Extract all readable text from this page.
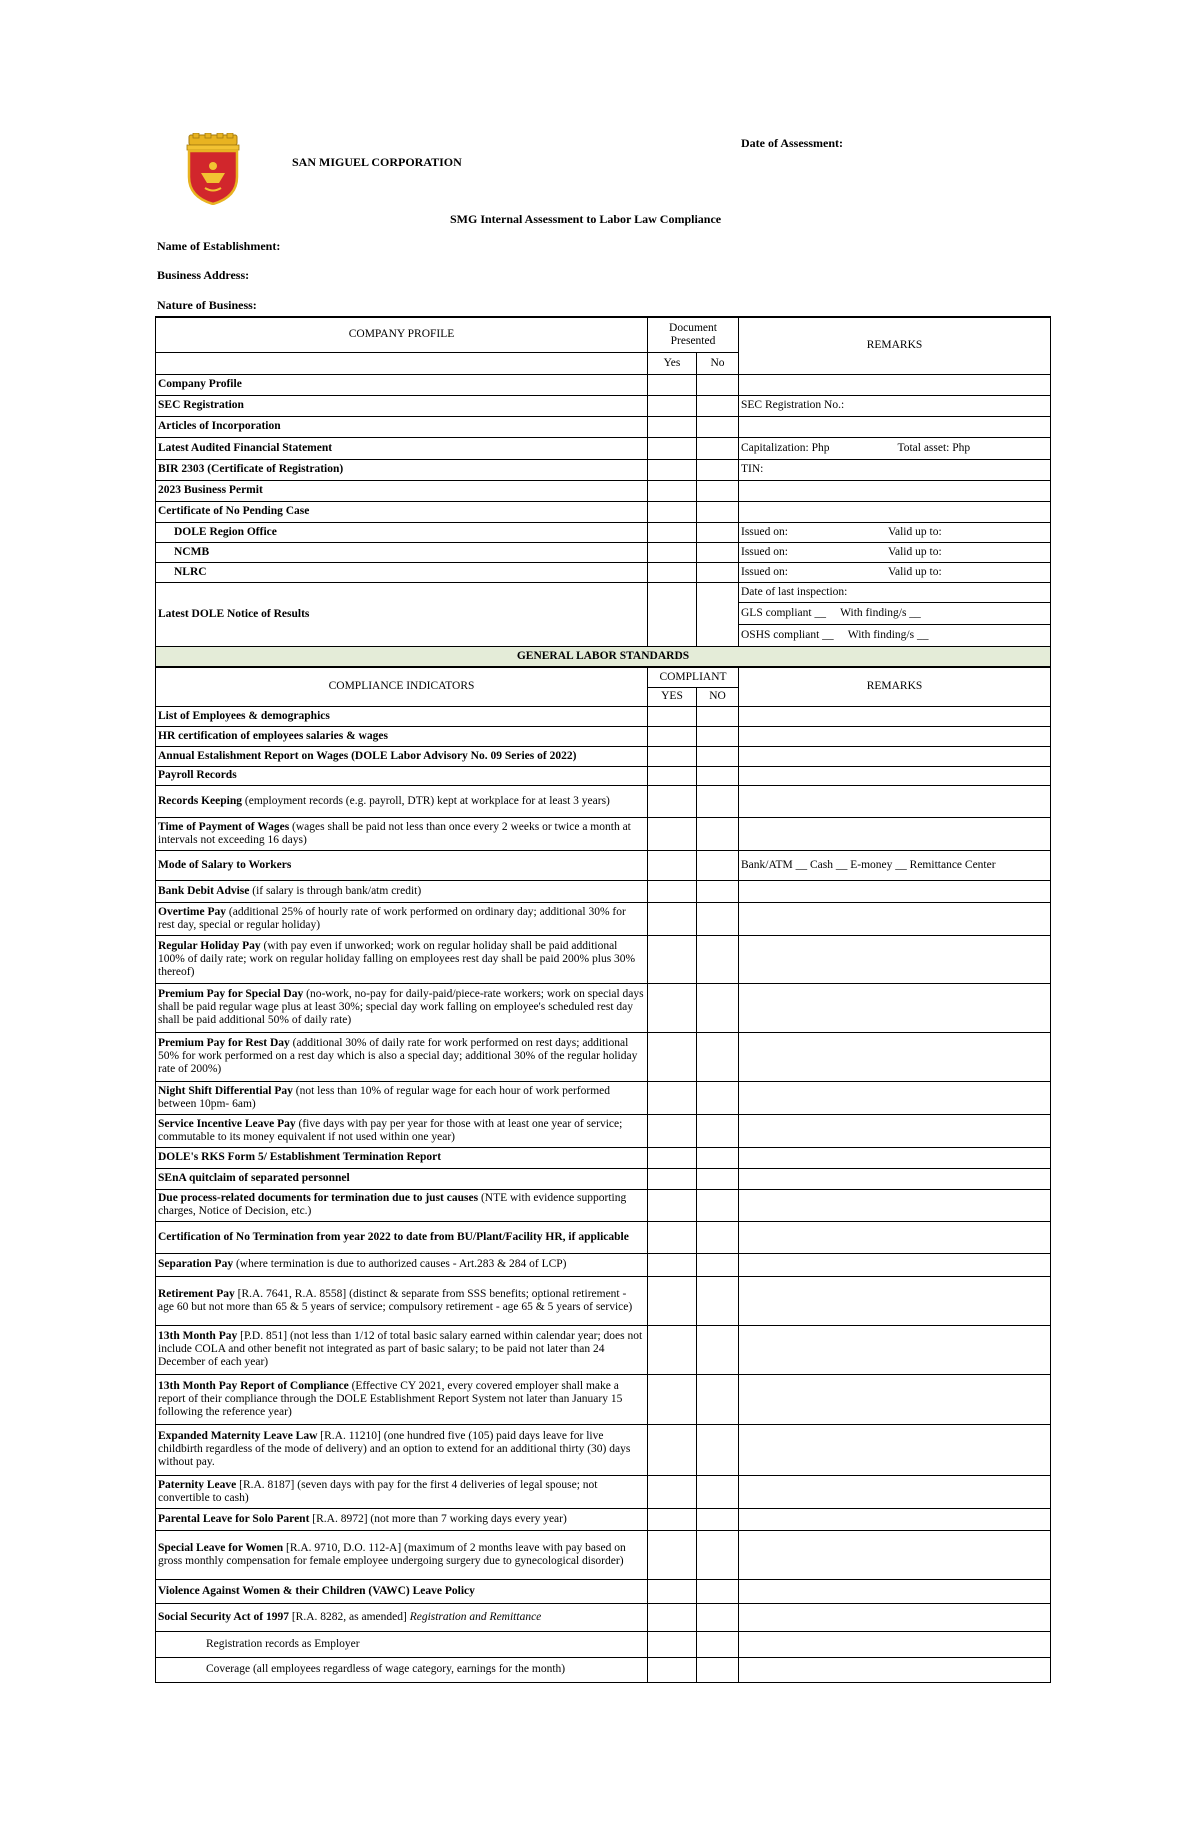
SAN MIGUEL CORPORATION
Date of Assessment:
SMG Internal Assessment to Labor Law Compliance
Name of Establishment:
Business Address:
Nature of Business:
COMPANY PROFILE	Document Presented		REMARKS
	Yes	No	
Company Profile			
SEC Registration			SEC Registration No.:
Articles of Incorporation			
Latest Audited Financial Statement			Capitalization: Php Total asset: Php
BIR 2303 (Certificate of Registration)			TIN:
2023 Business Permit			
Certificate of No Pending Case			
DOLE Region Office			Issued on: Valid up to:
NCMB			Issued on: Valid up to:
NLRC			Issued on: Valid up to:
Latest DOLE Notice of Results			Date of last inspection:
			GLS compliant __     With finding/s __
			OSHS compliant __     With finding/s __
GENERAL LABOR STANDARDS			
COMPLIANCE INDICATORS	COMPLIANT		REMARKS
	YES	NO	
List of Employees & demographics			
HR certification of employees salaries & wages			
Annual Estalishment Report on Wages (DOLE Labor Advisory No. 09 Series of 2022)			
Payroll Records			
Records Keeping (employment records (e.g. payroll, DTR) kept at workplace for at least 3 years)			
Time of Payment of Wages (wages shall be paid not less than once every 2 weeks or twice a month at intervals not exceeding 16 days)			
Mode of Salary to Workers			Bank/ATM __ Cash __ E-money __ Remittance Center
Bank Debit Advise (if salary is through bank/atm credit)			
Overtime Pay (additional 25% of hourly rate of work performed on ordinary day; additional 30% for rest day, special or regular holiday)			
Regular Holiday Pay (with pay even if unworked; work on regular holiday shall be paid additional 100% of daily rate; work on regular holiday falling on employees rest day shall be paid 200% plus 30% thereof)			
Premium Pay for Special Day (no-work, no-pay for daily-paid/piece-rate workers; work on special days shall be paid regular wage plus at least 30%; special day work falling on employee's scheduled rest day shall be paid additional 50% of daily rate)			
Premium Pay for Rest Day (additional 30% of daily rate for work performed on rest days; additional 50% for work performed on a rest day which is also a special day; additional 30% of the regular holiday rate of 200%)			
Night Shift Differential Pay (not less than 10% of regular wage for each hour of work performed between 10pm- 6am)			
Service Incentive Leave Pay (five days with pay per year for those with at least one year of service; commutable to its money equivalent if not used within one year)			
DOLE's RKS Form 5/ Establishment Termination Report			
SEnA quitclaim of separated personnel			
Due process-related documents for termination due to just causes (NTE with evidence supporting charges, Notice of Decision, etc.)			
Certification of No Termination from year 2022 to date from BU/Plant/Facility HR, if applicable			
Separation Pay (where termination is due to authorized causes - Art.283 & 284 of LCP)			
Retirement Pay [R.A. 7641, R.A. 8558] (distinct & separate from SSS benefits; optional retirement - age 60 but not more than 65 & 5 years of service; compulsory retirement - age 65 & 5 years of service)			
13th Month Pay [P.D. 851] (not less than 1/12 of total basic salary earned within calendar year; does not include COLA and other benefit not integrated as part of basic salary; to be paid not later than 24 December of each year)			
13th Month Pay Report of Compliance (Effective CY 2021, every covered employer shall make a report of their compliance through the DOLE Establishment Report System not later than January 15 following the reference year)			
Expanded Maternity Leave Law [R.A. 11210] (one hundred five (105) paid days leave for live childbirth regardless of the mode of delivery) and an option to extend for an additional thirty (30) days without pay.			
Paternity Leave [R.A. 8187] (seven days with pay for the first 4 deliveries of legal spouse; not convertible to cash)			
Parental Leave for Solo Parent [R.A. 8972] (not more than 7 working days every year)			
Special Leave for Women [R.A. 9710, D.O. 112-A] (maximum of 2 months leave with pay based on gross monthly compensation for female employee undergoing surgery due to gynecological disorder)			
Violence Against Women & their Children (VAWC) Leave Policy			
Social Security Act of 1997 [R.A. 8282, as amended] Registration and Remittance			
Registration records as Employer			
Coverage (all employees regardless of wage category, earnings for the month)			
